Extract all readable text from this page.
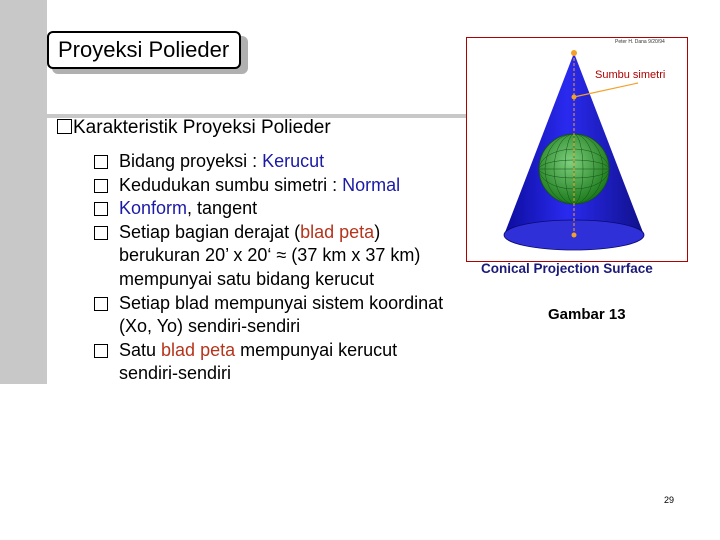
Proyeksi Polieder
Karakteristik Proyeksi Polieder
Bidang proyeksi : Kerucut
Kedudukan sumbu simetri : Normal
Konform, tangent
Setiap bagian derajat (blad peta)
berukuran 20’ x 20‘ ≈ (37 km x 37 km)
mempunyai satu bidang kerucut
Setiap blad mempunyai sistem koordinat
(Xo, Yo) sendiri-sendiri
Satu blad peta mempunyai kerucut
sendiri-sendiri
Peter H. Dana 9/20/94
Sumbu simetri
Conical Projection Surface
Gambar 13
29
